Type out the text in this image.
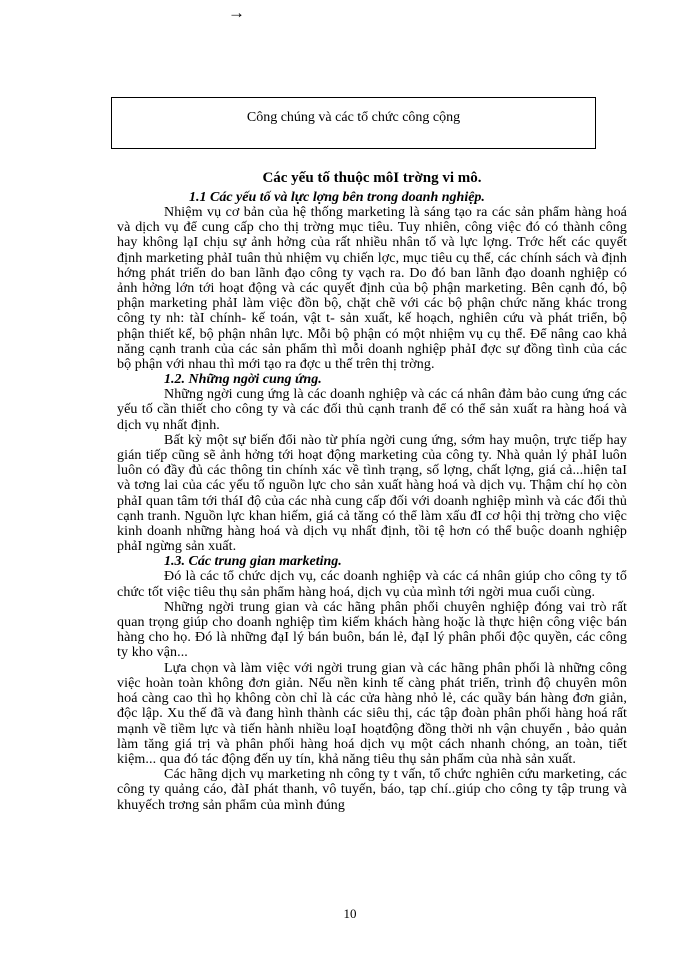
→
Công chúng và các tổ chức công cộng
Các yếu tố thuộc môI trờng vi mô.
1.1 Các yếu tố và lực lợng bên trong doanh nghiệp.

Nhiệm vụ cơ bản của hệ thống marketing là sáng tạo ra các sản phẩm hàng hoá và dịch vụ để cung cấp cho thị trờng mục tiêu. Tuy nhiên, công việc đó có thành công hay không lạI chịu sự ảnh hởng của rất nhiều nhân tố và lực lợng. Trớc hết các quyết định marketing phảI tuân thủ nhiệm vụ chiến lợc, mục tiêu cụ thể, các chính sách và định hớng phát triển do ban lãnh đạo công ty vạch ra. Do đó ban lãnh đạo doanh nghiệp có ảnh hởng lớn tới hoạt động và các quyết định của bộ phận marketing. Bên cạnh đó, bộ phận marketing phảI làm việc đồn bộ, chặt chẽ với các bộ phận chức năng khác trong công ty nh: tàI chính- kế toán, vật t- sản xuất, kế hoạch, nghiên cứu và phát triển, bộ phận thiết kế, bộ phận nhân lực. Mỗi bộ phận có một nhiệm vụ cụ thể. Để nâng cao khả năng cạnh tranh của các sản phẩm thì mỗi doanh nghiệp phảI đợc sự đồng tình của các bộ phận với nhau thì mới tạo ra đợc u thế trên thị trờng.

1.2. Những ngời cung ứng.

Những ngời cung ứng là các doanh nghiệp và các cá nhân đảm bảo cung ứng các yếu tố cần thiết cho công ty và các đối thủ cạnh tranh để có thể sản xuất ra hàng hoá và dịch vụ nhất định.

Bất kỳ một sự biến đổi nào từ phía ngời cung ứng, sớm hay muộn, trực tiếp hay gián tiếp cũng sẽ ảnh hởng tới hoạt động marketing của công ty. Nhà quản lý phảI luôn luôn có đầy đủ các thông tin chính xác về tình trạng, số lợng, chất lợng, giá cả...hiện taI và tơng lai của các yếu tố nguồn lực cho sản xuất hàng hoá và dịch vụ. Thậm chí họ còn phảI quan tâm tới tháI độ của các nhà cung cấp đối với doanh nghiệp mình và các đối thủ cạnh tranh. Nguồn lực khan hiếm, giá cả tăng có thể làm xấu đI cơ hội thị trờng cho việc kinh doanh những hàng hoá và dịch vụ nhất định, tồi tệ hơn có thể buộc doanh nghiệp phảI ngừng sản xuất.

1.3. Các trung gian marketing.

Đó là các tổ chức dịch vụ, các doanh nghiệp và các cá nhân giúp cho công ty tổ chức tốt việc tiêu thụ sản phẩm hàng hoá, dịch vụ của mình tới ngời mua cuối cùng.

Những ngời trung gian và các hãng phân phối chuyên nghiệp đóng vai trò rất quan trọng giúp cho doanh nghiệp tìm kiếm khách hàng hoặc là thực hiện công việc bán hàng cho họ. Đó là những đạI lý bán buôn, bán lẻ, đạI lý phân phối độc quyền, các công ty kho vận...

Lựa chọn và làm việc với ngời trung gian và các hãng phân phối là những công việc hoàn toàn không đơn giản. Nếu nền kinh tế càng phát triển, trình độ chuyên môn hoá càng cao thì họ không còn chỉ là các cửa hàng nhỏ lẻ, các quầy bán hàng đơn giản, độc lập. Xu thế đã và đang hình thành các siêu thị, các tập đoàn phân phối hàng hoá rất mạnh về tiềm lực và tiến hành nhiều loạI hoạtđộng đồng thời nh vận chuyển , bảo quản làm tăng giá trị và phân phối hàng hoá dịch vụ một cách nhanh chóng, an toàn, tiết kiệm... qua đó tác động đến uy tín, khả năng tiêu thụ sản phẩm của nhà sản xuất.

Các hãng dịch vụ marketing nh công ty t vấn, tổ chức nghiên cứu marketing, các công ty quảng cáo, đàI phát thanh, vô tuyến, báo, tạp chí..giúp cho công ty tập trung và khuyếch trơng sản phẩm của mình đúng

10
